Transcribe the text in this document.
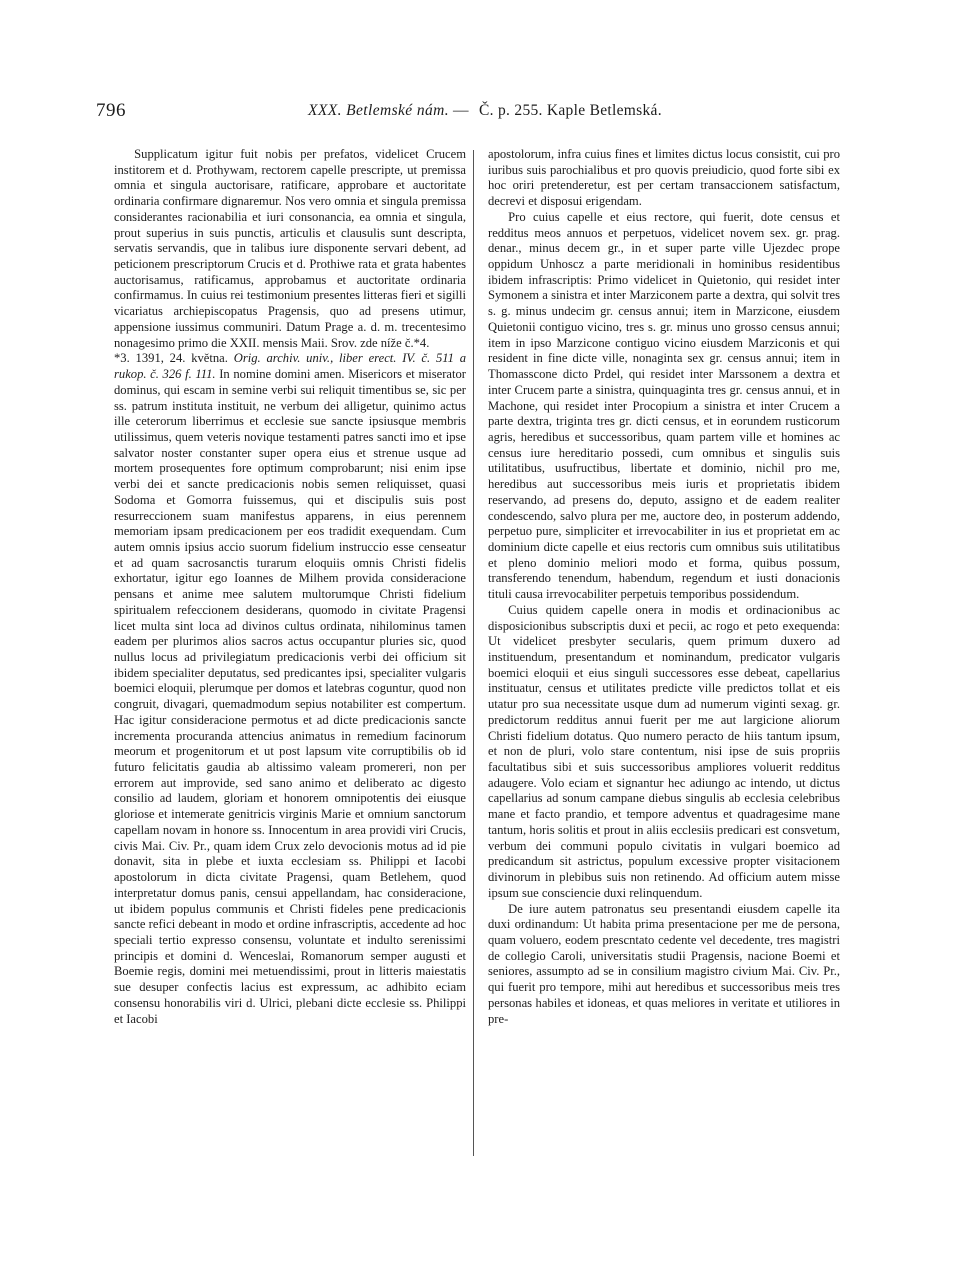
796	XXX. Betlemské nám. — Č. p. 255. Kaple Betlemská.

Supplicatum igitur fuit nobis per prefatos, videlicet Crucem institorem et d. Prothywam, rectorem capelle prescripte, ut premissa omnia et singula auctorisare, ratificare, approbare et auctoritate ordinaria confirmare dignaremur. Nos vero omnia et singula premissa considerantes racionabilia et iuri consonancia, ea omnia et singula, prout superius in suis punctis, articulis et clausulis sunt descripta, servatis servandis, que in talibus iure disponente servari debent, ad peticionem prescriptorum Crucis et d. Prothiwe rata et grata habentes auctorisamus, ratificamus, approbamus et auctoritate ordinaria confirmamus. In cuius rei testimonium presentes litteras fieri et sigilli vicariatus archiepiscopatus Pragensis, quo ad presens utimur, appensione iussimus communiri. Datum Prage a. d. m. trecentesimo nonagesimo primo die XXII. mensis Maii. Srov. zde níže č.*4.

*3. 1391, 24. května. Orig. archiv. univ., liber erect. IV. č. 511 a rukop. č. 326 f. 111. In nomine domini amen. Misericors et miserator dominus, qui escam in semine verbi sui reliquit timentibus se, sic per ss. patrum instituta instituit, ne verbum dei alligetur, quinimo actus ille ceterorum liberrimus et ecclesie sue sancte ipsiusque membris utilissimus, quem veteris novique testamenti patres sancti imo et ipse salvator noster constanter super opera eius et strenue usque ad mortem prosequentes fore optimum comprobarunt; nisi enim ipse verbi dei et sancte predicacionis nobis semen reliquisset, quasi Sodoma et Gomorra fuissemus, qui et discipulis suis post resurreccionem suam manifestus apparens, in eius perennem memoriam ipsam predicacionem per eos tradidit exequendam. Cum autem omnis ipsius accio suorum fidelium instruccio esse censeatur et ad quam sacrosanctis turarum eloquiis omnis Christi fidelis exhortatur, igitur ego Ioannes de Milhem provida consideracione pensans et anime mee salutem multorumque Christi fidelium spiritualem refeccionem desiderans, quomodo in civitate Pragensi licet multa sint loca ad divinos cultus ordinata, nihilominus tamen eadem per plurimos alios sacros actus occupantur pluries sic, quod nullus locus ad privilegiatum predicacionis verbi dei officium sit ibidem specialiter deputatus, sed predicantes ipsi, specialiter vulgaris boemici eloquii, plerumque per domos et latebras coguntur, quod non congruit, divagari, quemadmodum sepius notabiliter est compertum. Hac igitur consideracione permotus et ad dicte predicacionis sancte incrementa procuranda attencius animatus in remedium facinorum meorum et progenitorum et ut post lapsum vite corruptibilis ob id futuro felicitatis gaudia ab altissimo valeam promereri, non per errorem aut improvide, sed sano animo et deliberato ac digesto consilio ad laudem, gloriam et honorem omnipotentis dei eiusque gloriose et intemerate genitricis virginis Marie et omnium sanctorum capellam novam in honore ss. Innocentum in area providi viri Crucis, civis Mai. Civ. Pr., quam idem Crux zelo devocionis motus ad id pie donavit, sita in plebe et iuxta ecclesiam ss. Philippi et Iacobi apostolorum in dicta civitate Pragensi, quam Betlehem, quod interpretatur domus panis, censui appellandam, hac consideracione, ut ibidem populus communis et Christi fideles pene predicacionis sancte refici debeant in modo et ordine infrascriptis, accedente ad hoc speciali tertio expresso consensu, voluntate et indulto serenissimi principis et domini d. Wenceslai, Romanorum semper augusti et Boemie regis, domini mei metuendissimi, prout in litteris maiestatis sue desuper confectis lacius est expressum, ac adhibito eciam consensu honorabilis viri d. Ulrici, plebani dicte ecclesie ss. Philippi et Iacobi

apostolorum, infra cuius fines et limites dictus locus consistit, cui pro iuribus suis parochialibus et pro quovis preiudicio, quod forte sibi ex hoc oriri pretenderetur, est per certam transaccionem satisfactum, decrevi et disposui erigendam.

Pro cuius capelle et eius rectore, qui fuerit, dote census et redditus meos annuos et perpetuos, videlicet novem sex. gr. prag. denar., minus decem gr., in et super parte ville Ujezdec prope oppidum Unhoscz a parte meridionali in hominibus residentibus ibidem infrascriptis: Primo videlicet in Quietonio, qui residet inter Symonem a sinistra et inter Marziconem parte a dextra, qui solvit tres s. g. minus undecim gr. census annui; item in Marzicone, eiusdem Quietonii contiguo vicino, tres s. gr. minus uno grosso census annui; item in ipso Marzicone contiguo vicino eiusdem Marziconis et qui resident in fine dicte ville, nonaginta sex gr. census annui; item in Thomasscone dicto Prdel, qui residet inter Marssonem a dextra et inter Crucem parte a sinistra, quinquaginta tres gr. census annui, et in Machone, qui residet inter Procopium a sinistra et inter Crucem a parte dextra, triginta tres gr. dicti census, et in eorundem rusticorum agris, heredibus et successoribus, quam partem ville et homines ac census iure hereditario possedi, cum omnibus et singulis suis utilitatibus, usufructibus, libertate et dominio, nichil pro me, heredibus aut successoribus meis iuris et proprietatis ibidem reservando, ad presens do, deputo, assigno et de eadem realiter condescendo, salvo plura per me, auctore deo, in posterum addendo, perpetuo pure, simpliciter et irrevocabiliter in ius et proprietat em ac dominium dicte capelle et eius rectoris cum omnibus suis utilitatibus et pleno dominio meliori modo et forma, quibus possum, transferendo tenendum, habendum, regendum et iusti donacionis tituli causa irrevocabiliter perpetuis temporibus possidendum.

Cuius quidem capelle onera in modis et ordinacionibus ac disposicionibus subscriptis duxi et pecii, ac rogo et peto exequenda: Ut videlicet presbyter secularis, quem primum duxero ad instituendum, presentandum et nominandum, predicator vulgaris boemici eloquii et eius singuli successores esse debeat, capellarius instituatur, census et utilitates predicte ville predictos tollat et eis utatur pro sua necessitate usque dum ad numerum viginti sexag. gr. predictorum redditus annui fuerit per me aut largicione aliorum Christi fidelium dotatus. Quo numero peracto de hiis tantum ipsum, et non de pluri, volo stare contentum, nisi ipse de suis propriis facultatibus sibi et suis successoribus ampliores voluerit redditus adaugere. Volo eciam et signantur hec adiungo ac intendo, ut dictus capellarius ad sonum campane diebus singulis ab ecclesia celebribus mane et facto prandio, et tempore adventus et quadragesime mane tantum, horis solitis et prout in aliis ecclesiis predicari est consvetum, verbum dei communi populo civitatis in vulgari boemico ad predicandum sit astrictus, populum excessive propter visitacionem divinorum in plebibus suis non retinendo. Ad officium autem misse ipsum sue consciencie duxi relinquendum.

De iure autem patronatus seu presentandi eiusdem capelle ita duxi ordinandum: Ut habita prima presentacione per me de persona, quam voluero, eodem prescntato cedente vel decedente, tres magistri de collegio Caroli, universitatis studii Pragensis, nacione Boemi et seniores, assumpto ad se in consilium magistro civium Mai. Civ. Pr., qui fuerit pro tempore, mihi aut heredibus et successoribus meis tres personas habiles et idoneas, et quas meliores in veritate et utiliores in pre-
